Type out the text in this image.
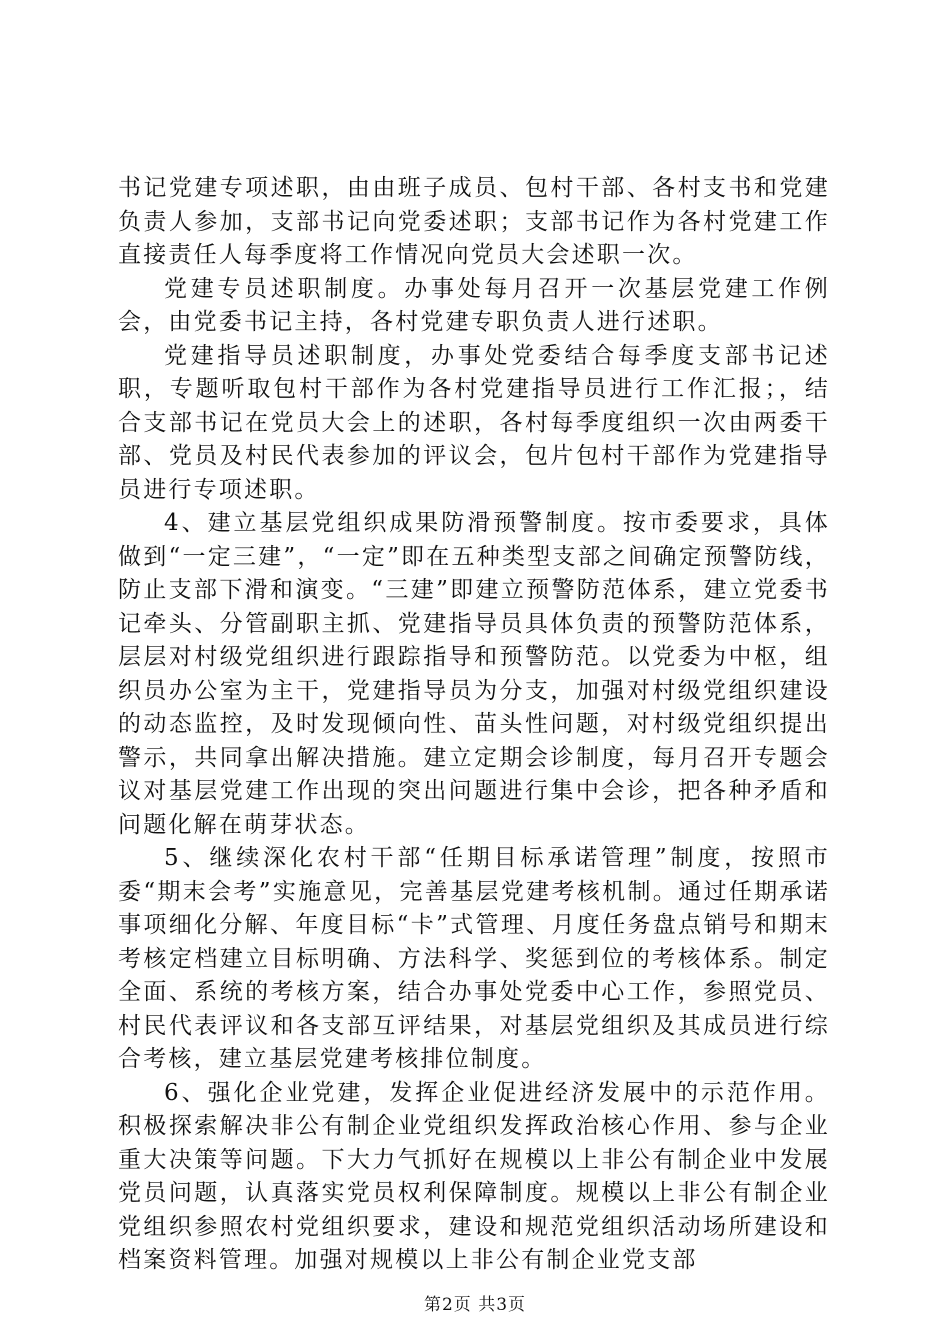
书记党建专项述职，由由班子成员、包村干部、各村支书和党建负责人参加，支部书记向党委述职；支部书记作为各村党建工作直接责任人每季度将工作情况向党员大会述职一次。

党建专员述职制度。办事处每月召开一次基层党建工作例会，由党委书记主持，各村党建专职负责人进行述职。

党建指导员述职制度，办事处党委结合每季度支部书记述职，专题听取包村干部作为各村党建指导员进行工作汇报；，结合支部书记在党员大会上的述职，各村每季度组织一次由两委干部、党员及村民代表参加的评议会，包片包村干部作为党建指导员进行专项述职。

4、建立基层党组织成果防滑预警制度。按市委要求，具体做到“一定三建”，“一定”即在五种类型支部之间确定预警防线，防止支部下滑和演变。“三建”即建立预警防范体系，建立党委书记牵头、分管副职主抓、党建指导员具体负责的预警防范体系，层层对村级党组织进行跟踪指导和预警防范。以党委为中枢，组织员办公室为主干，党建指导员为分支，加强对村级党组织建设的动态监控，及时发现倾向性、苗头性问题，对村级党组织提出警示，共同拿出解决措施。建立定期会诊制度，每月召开专题会议对基层党建工作出现的突出问题进行集中会诊，把各种矛盾和问题化解在萌芽状态。

5、继续深化农村干部“任期目标承诺管理”制度，按照市委“期末会考”实施意见，完善基层党建考核机制。通过任期承诺事项细化分解、年度目标“卡”式管理、月度任务盘点销号和期末考核定档建立目标明确、方法科学、奖惩到位的考核体系。制定全面、系统的考核方案，结合办事处党委中心工作，参照党员、村民代表评议和各支部互评结果，对基层党组织及其成员进行综合考核，建立基层党建考核排位制度。

6、强化企业党建，发挥企业促进经济发展中的示范作用。积极探索解决非公有制企业党组织发挥政治核心作用、参与企业重大决策等问题。下大力气抓好在规模以上非公有制企业中发展党员问题，认真落实党员权利保障制度。规模以上非公有制企业党组织参照农村党组织要求，建设和规范党组织活动场所建设和档案资料管理。加强对规模以上非公有制企业党支部

第2页 共3页
